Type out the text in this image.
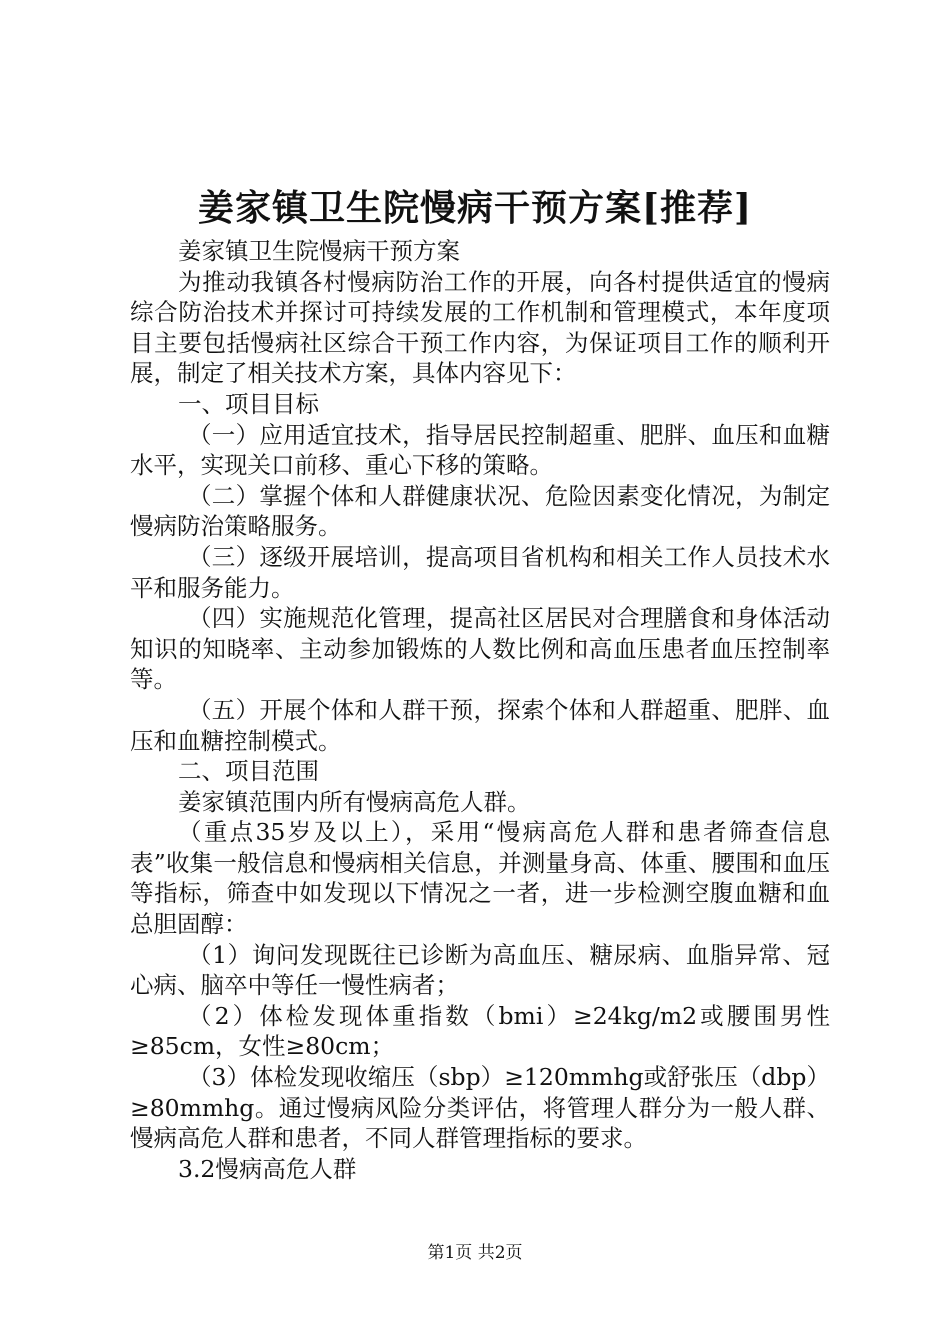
姜家镇卫生院慢病干预方案[推荐]

姜家镇卫生院慢病干预方案

为推动我镇各村慢病防治工作的开展，向各村提供适宜的慢病综合防治技术并探讨可持续发展的工作机制和管理模式，本年度项目主要包括慢病社区综合干预工作内容，为保证项目工作的顺利开展，制定了相关技术方案，具体内容见下：

一、项目目标

（一）应用适宜技术，指导居民控制超重、肥胖、血压和血糖水平，实现关口前移、重心下移的策略。

（二）掌握个体和人群健康状况、危险因素变化情况，为制定慢病防治策略服务。

（三）逐级开展培训，提高项目省机构和相关工作人员技术水平和服务能力。

（四）实施规范化管理，提高社区居民对合理膳食和身体活动知识的知晓率、主动参加锻炼的人数比例和高血压患者血压控制率等。

（五）开展个体和人群干预，探索个体和人群超重、肥胖、血压和血糖控制模式。

二、项目范围

姜家镇范围内所有慢病高危人群。

（重点35岁及以上），采用“慢病高危人群和患者筛查信息表”收集一般信息和慢病相关信息，并测量身高、体重、腰围和血压等指标，筛查中如发现以下情况之一者，进一步检测空腹血糖和血总胆固醇：

（1）询问发现既往已诊断为高血压、糖尿病、血脂异常、冠心病、脑卒中等任一慢性病者；

（2）体检发现体重指数（bmi）≥24kg/m2或腰围男性≥85cm，女性≥80cm；

（3）体检发现收缩压（sbp）≥120mmhg或舒张压（dbp）≥80mmhg。通过慢病风险分类评估，将管理人群分为一般人群、慢病高危人群和患者，不同人群管理指标的要求。

3.2慢病高危人群

第1页 共2页
